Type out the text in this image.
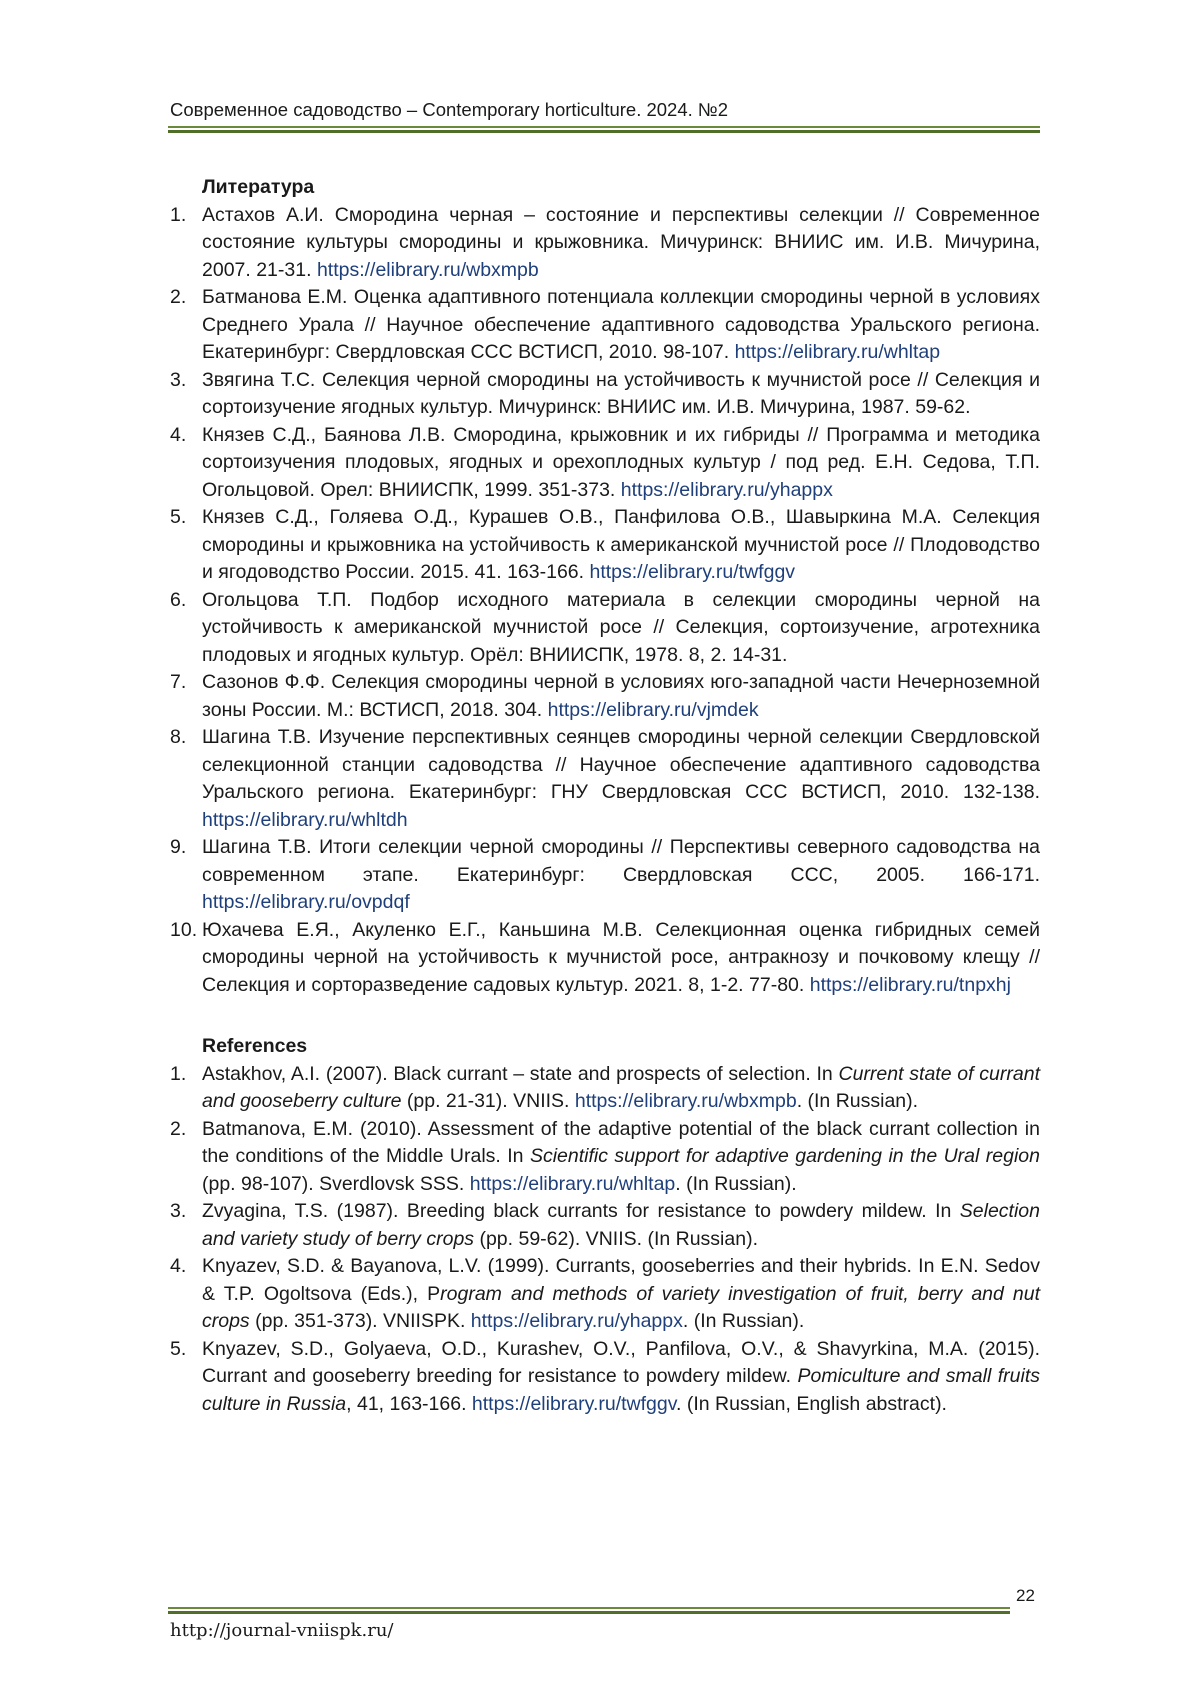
Современное садоводство – Contemporary horticulture. 2024. №2

Литература

1. Астахов А.И. Смородина черная – состояние и перспективы селекции // Современное состояние культуры смородины и крыжовника. Мичуринск: ВНИИС им. И.В. Мичурина, 2007. 21-31. https://elibrary.ru/wbxmpb
2. Батманова Е.М. Оценка адаптивного потенциала коллекции смородины черной в условиях Среднего Урала // Научное обеспечение адаптивного садоводства Уральского региона. Екатеринбург: Свердловская ССС ВСТИСП, 2010. 98-107. https://elibrary.ru/whltap
3. Звягина Т.С. Селекция черной смородины на устойчивость к мучнистой росе // Селекция и сортоизучение ягодных культур. Мичуринск: ВНИИС им. И.В. Мичурина, 1987. 59-62.
4. Князев С.Д., Баянова Л.В. Смородина, крыжовник и их гибриды // Программа и методика сортоизучения плодовых, ягодных и орехоплодных культур / под ред. Е.Н. Седова, Т.П. Огольцовой. Орел: ВНИИСПК, 1999. 351-373. https://elibrary.ru/yhappx
5. Князев С.Д., Голяева О.Д., Курашев О.В., Панфилова О.В., Шавыркина М.А. Селекция смородины и крыжовника на устойчивость к американской мучнистой росе // Плодоводство и ягодоводство России. 2015. 41. 163-166. https://elibrary.ru/twfggv
6. Огольцова Т.П. Подбор исходного материала в селекции смородины черной на устойчивость к американской мучнистой росе // Селекция, сортоизучение, агротехника плодовых и ягодных культур. Орёл: ВНИИСПК, 1978. 8, 2. 14-31.
7. Сазонов Ф.Ф. Селекция смородины черной в условиях юго-западной части Нечерноземной зоны России. М.: ВСТИСП, 2018. 304. https://elibrary.ru/vjmdek
8. Шагина Т.В. Изучение перспективных сеянцев смородины черной селекции Свердловской селекционной станции садоводства // Научное обеспечение адаптивного садоводства Уральского региона. Екатеринбург: ГНУ Свердловская ССС ВСТИСП, 2010. 132-138. https://elibrary.ru/whltdh
9. Шагина Т.В. Итоги селекции черной смородины // Перспективы северного садоводства на современном этапе. Екатеринбург: Свердловская ССС, 2005. 166-171. https://elibrary.ru/ovpdqf
10. Юхачева Е.Я., Акуленко Е.Г., Каньшина М.В. Селекционная оценка гибридных семей смородины черной на устойчивость к мучнистой росе, антракнозу и почковому клещу // Селекция и сорторазведение садовых культур. 2021. 8, 1-2. 77-80. https://elibrary.ru/tnpxhj

References

1. Astakhov, A.I. (2007). Black currant – state and prospects of selection. In Current state of currant and gooseberry culture (pp. 21-31). VNIIS. https://elibrary.ru/wbxmpb. (In Russian).
2. Batmanova, E.M. (2010). Assessment of the adaptive potential of the black currant collection in the conditions of the Middle Urals. In Scientific support for adaptive gardening in the Ural region (pp. 98-107). Sverdlovsk SSS. https://elibrary.ru/whltap. (In Russian).
3. Zvyagina, T.S. (1987). Breeding black currants for resistance to powdery mildew. In Selection and variety study of berry crops (pp. 59-62). VNIIS. (In Russian).
4. Knyazev, S.D. & Bayanova, L.V. (1999). Currants, gooseberries and their hybrids. In E.N. Sedov & T.P. Ogoltsova (Eds.), Program and methods of variety investigation of fruit, berry and nut crops (pp. 351-373). VNIISPK. https://elibrary.ru/yhappx. (In Russian).
5. Knyazev, S.D., Golyaeva, O.D., Kurashev, O.V., Panfilova, O.V., & Shavyrkina, M.A. (2015). Currant and gooseberry breeding for resistance to powdery mildew. Pomiculture and small fruits culture in Russia, 41, 163-166. https://elibrary.ru/twfggv. (In Russian, English abstract).
22
http://journal-vniispk.ru/
